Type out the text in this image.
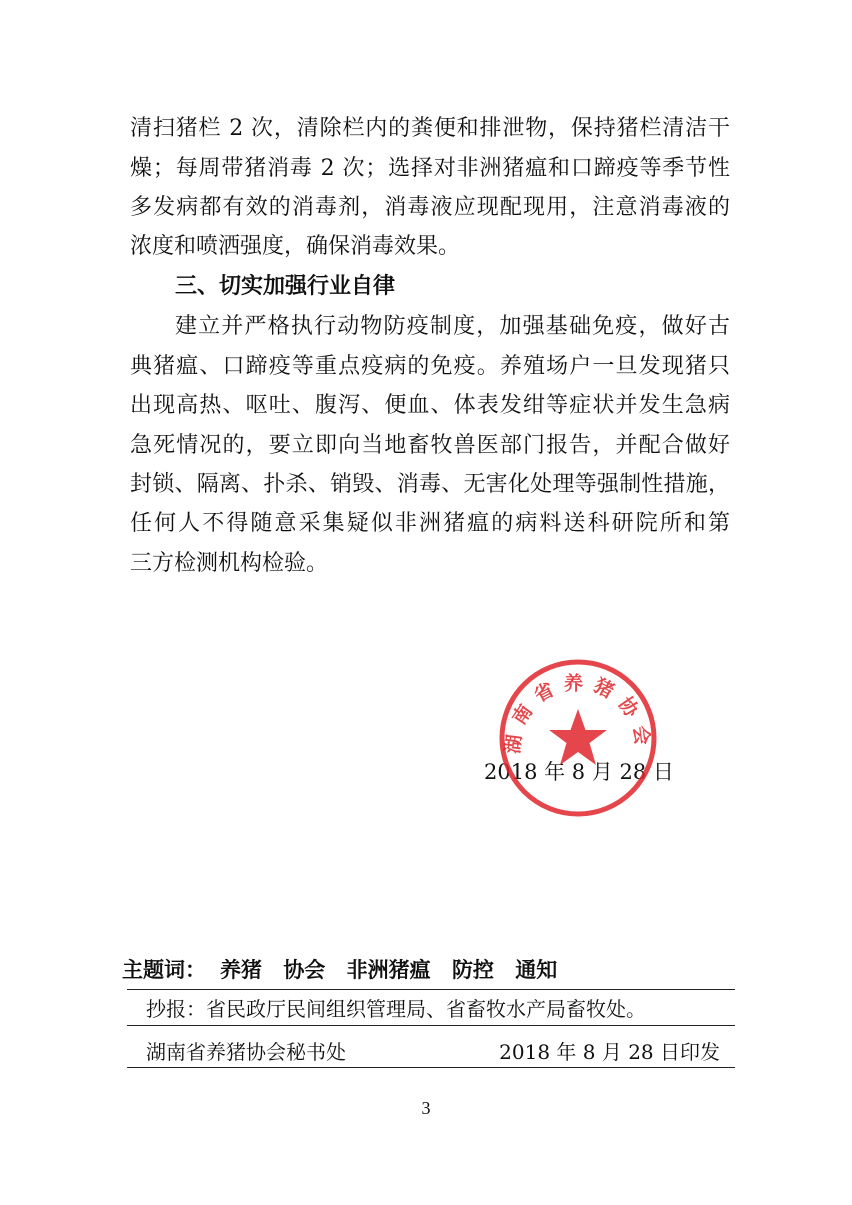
清扫猪栏 2 次，清除栏内的粪便和排泄物，保持猪栏清洁干
燥；每周带猪消毒 2 次；选择对非洲猪瘟和口蹄疫等季节性
多发病都有效的消毒剂，消毒液应现配现用，注意消毒液的
浓度和喷洒强度，确保消毒效果。
三、切实加强行业自律
建立并严格执行动物防疫制度，加强基础免疫，做好古
典猪瘟、口蹄疫等重点疫病的免疫。养殖场户一旦发现猪只
出现高热、呕吐、腹泻、便血、体表发绀等症状并发生急病
急死情况的，要立即向当地畜牧兽医部门报告，并配合做好
封锁、隔离、扑杀、销毁、消毒、无害化处理等强制性措施，
任何人不得随意采集疑似非洲猪瘟的病料送科研院所和第
三方检测机构检验。
2018 年 8 月 28 日
湖南省养猪协会
主题词： 养猪 协会 非洲猪瘟 防控 通知
抄报：省民政厅民间组织管理局、省畜牧水产局畜牧处。
湖南省养猪协会秘书处	2018 年 8 月 28 日印发
3
